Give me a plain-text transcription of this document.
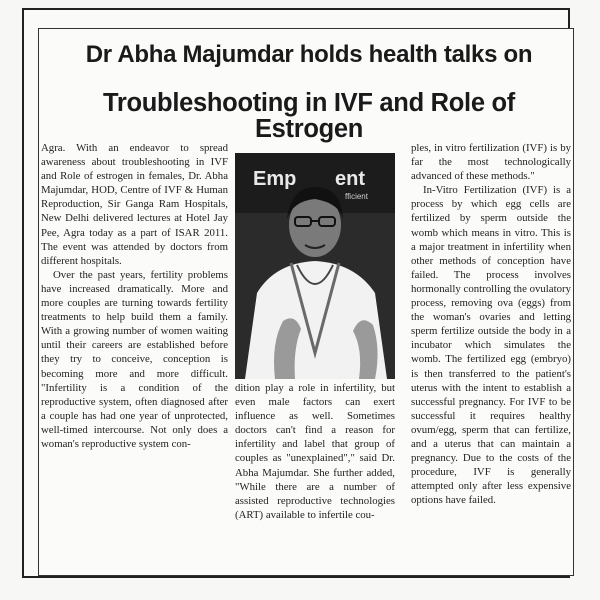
Dr Abha Majumdar holds health talks on
Troubleshooting in IVF and Role of Estrogen

Agra. With an endeavor to spread awareness about troubleshooting in IVF and Role of estrogen in females, Dr. Abha Majumdar, HOD, Centre of IVF & Human Reproduction, Sir Ganga Ram Hospitals, New Delhi delivered lectures at Hotel Jay Pee, Agra today as a part of ISAR 2011. The event was attended by doctors from different hospitals.

Over the past years, fertility problems have increased dramatically. More and more couples are turning towards fertility treatments to help build them a family. With a growing number of women waiting until their careers are established before they try to conceive, conception is becoming more and more difficult. "Infertility is a condition of the reproductive system, often diagnosed after a couple has had one year of unprotected, well-timed intercourse. Not only does a woman's reproductive system con-

Emp ent
fficient

dition play a role in infertility, but even male factors can exert influence as well. Sometimes doctors can't find a reason for infertility and label that group of couples as "unexplained"," said Dr. Abha Majumdar. She further added, "While there are a number of assisted reproductive technologies (ART) available to infertile cou-

ples, in vitro fertilization (IVF) is by far the most technologically advanced of these methods."

In-Vitro Fertilization (IVF) is a process by which egg cells are fertilized by sperm outside the womb which means in vitro. This is a major treatment in infertility when other methods of conception have failed. The process involves hormonally controlling the ovulatory process, removing ova (eggs) from the woman's ovaries and letting sperm fertilize outside the body in a incubator which simulates the womb. The fertilized egg (embryo) is then transferred to the patient's uterus with the intent to establish a successful pregnancy. For IVF to be successful it requires healthy ovum/egg, sperm that can fertilize, and a uterus that can maintain a pregnancy. Due to the costs of the procedure, IVF is generally attempted only after less expensive options have failed.
